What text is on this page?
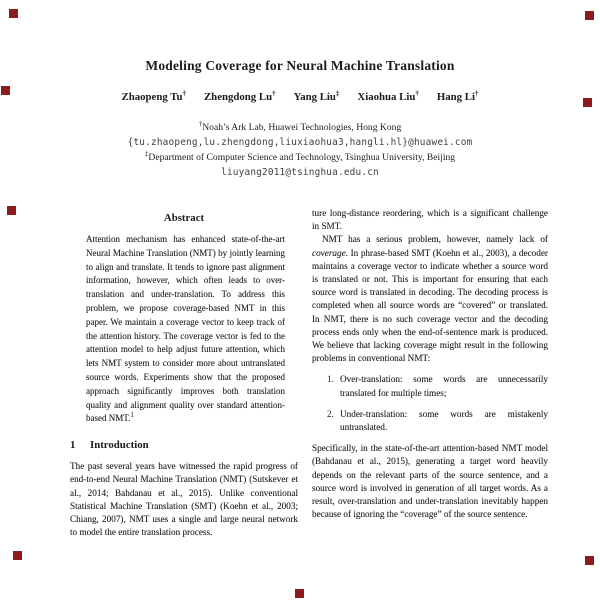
Modeling Coverage for Neural Machine Translation
Zhaopeng Tu† Zhengdong Lu† Yang Liu‡ Xiaohua Liu† Hang Li†
†Noah’s Ark Lab, Huawei Technologies, Hong Kong
{tu.zhaopeng,lu.zhengdong,liuxiaohua3,hangli.hl}@huawei.com
‡Department of Computer Science and Technology, Tsinghua University, Beijing
liuyang2011@tsinghua.edu.cn
Abstract

Attention mechanism has enhanced state-of-the-art Neural Machine Translation (NMT) by jointly learning to align and translate. It tends to ignore past alignment information, however, which often leads to over-translation and under-translation. To address this problem, we propose coverage-based NMT in this paper. We maintain a coverage vector to keep track of the attention history. The coverage vector is fed to the attention model to help adjust future attention, which lets NMT system to consider more about untranslated source words. Experiments show that the proposed approach significantly improves both translation quality and alignment quality over standard attention-based NMT.$^1$

1 Introduction

The past several years have witnessed the rapid progress of end-to-end Neural Machine Translation (NMT) (Sutskever et al., 2014; Bahdanau et al., 2015). Unlike conventional Statistical Machine Translation (SMT) (Koehn et al., 2003; Chiang, 2007), NMT uses a single and large neural network to model the entire translation process.

ture long-distance reordering, which is a significant challenge in SMT.

NMT has a serious problem, however, namely lack of coverage. In phrase-based SMT (Koehn et al., 2003), a decoder maintains a coverage vector to indicate whether a source word is translated or not. This is important for ensuring that each source word is translated in decoding. The decoding process is completed when all source words are “covered” or translated. In NMT, there is no such coverage vector and the decoding process ends only when the end-of-sentence mark is produced. We believe that lacking coverage might result in the following problems in conventional NMT:

1. Over-translation: some words are unnecessarily translated for multiple times;

2. Under-translation: some words are mistakenly untranslated.

Specifically, in the state-of-the-art attention-based NMT model (Bahdanau et al., 2015), generating a target word heavily depends on the relevant parts of the source sentence, and a source word is involved in generation of all target words. As a result, over-translation and under-translation inevitably happen because of ignoring the “coverage” of the source sentence.
